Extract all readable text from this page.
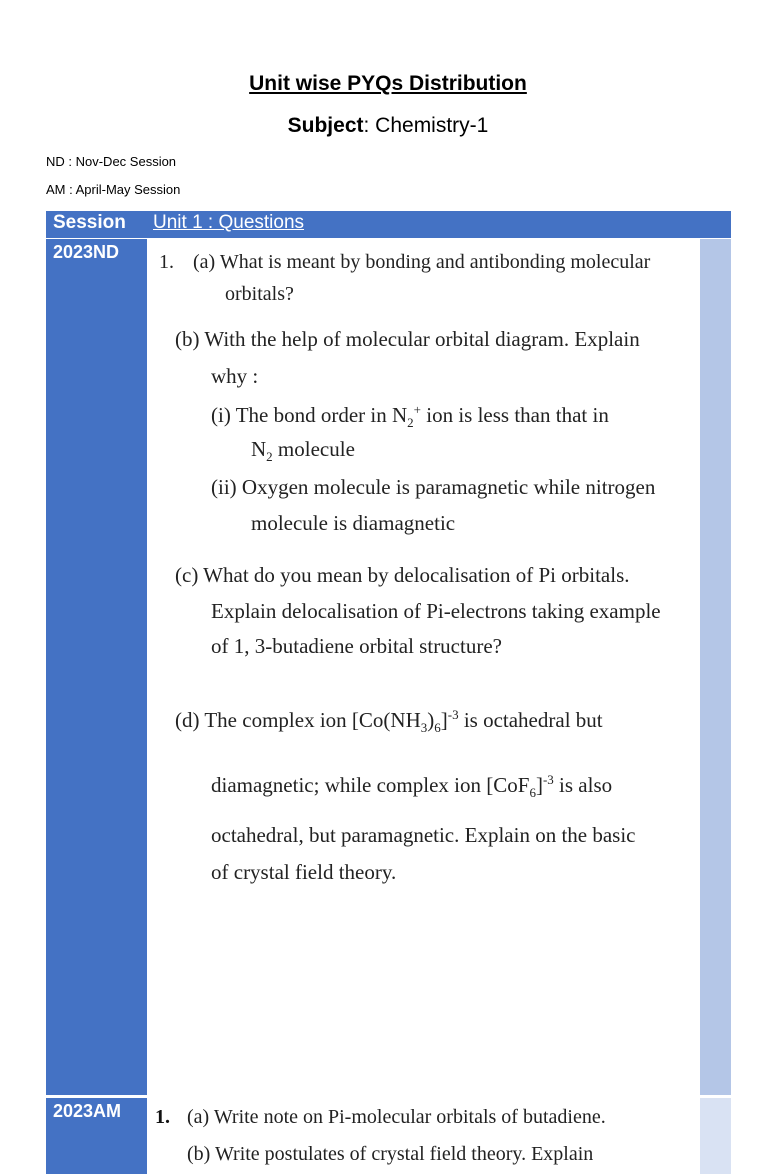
Unit wise PYQs Distribution
Subject: Chemistry-1
ND : Nov-Dec Session
AM : April-May Session
Session Unit 1 : Questions
2023ND 1. (a) What is meant by bonding and antibonding molecular
orbitals?
(b) With the help of molecular orbital diagram. Explain
why :
(i) The bond order in $N_2^+$ ion is less than that in
$N_2$ molecule
(ii) Oxygen molecule is paramagnetic while nitrogen
molecule is diamagnetic
(c) What do you mean by delocalisation of Pi orbitals.
Explain delocalisation of Pi-electrons taking example
of 1, 3-butadiene orbital structure?
(d) The complex ion $[Co(NH_3)_6]^{-3}$ is octahedral but
diamagnetic; while complex ion $[CoF_6]^{-3}$ is also
octahedral, but paramagnetic. Explain on the basic
of crystal field theory.
2023AM 1. (a) Write note on Pi-molecular orbitals of butadiene.
(b) Write postulates of crystal field theory. Explain
